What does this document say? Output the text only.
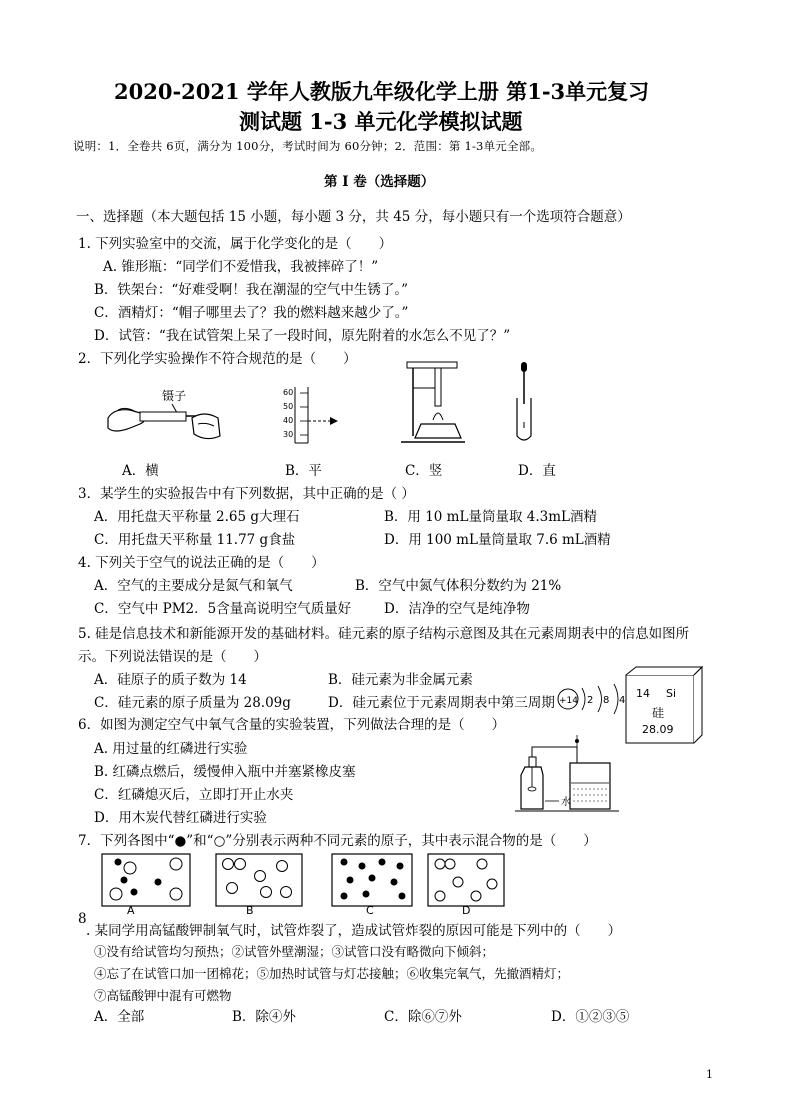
2020-2021 学年人教版九年级化学上册 第1-3单元复习
测试题 1-3 单元化学模拟试题
说明：1．全卷共 6页，满分为 100分，考试时间为 60分钟；2．范围：第 1-3单元全部。
第 I 卷（选择题）
一、选择题（本大题包括 15 小题，每小题 3 分，共 45 分，每小题只有一个选项符合题意）
1. 下列实验室中的交流，属于化学变化的是（　　）
A. 锥形瓶：“同学们不爱惜我，我被摔碎了！”
B．铁架台：“好难受啊！我在潮湿的空气中生锈了。”
C．酒精灯：“帽子哪里去了？我的燃料越来越少了。”
D．试管：“我在试管架上呆了一段时间，原先附着的水怎么不见了？”
2．下列化学实验操作不符合规范的是（　　）
镊子	60
50
40
30
A．横	B．平	C．竖	D．直
3．某学生的实验报告中有下列数据，其中正确的是（ ）
A．用托盘天平称量 2.65 g大理石	B．用 10 mL量筒量取 4.3mL酒精
C．用托盘天平称量 11.77 g食盐	D．用 100 mL量筒量取 7.6 mL酒精
4. 下列关于空气的说法正确的是（　　）
A．空气的主要成分是氮气和氧气	B．空气中氮气体积分数约为 21%
C．空气中 PM2．5含量高说明空气质量好 D．洁净的空气是纯净物
5. 硅是信息技术和新能源开发的基础材料。硅元素的原子结构示意图及其在元素周期表中的信息如图所
示。下列说法错误的是（　　）
A．硅原子的质子数为 14	B．硅元素为非金属元素
C．硅元素的原子质量为 28.09g	D．硅元素位于元素周期表中第三周期 +14 2 8 4
14 Si
硅
28.09
6．如图为测定空气中氧气含量的实验装置，下列做法合理的是（　　）
A. 用过量的红磷进行实验
B. 红磷点燃后，缓慢伸入瓶中并塞紧橡皮塞
C．红磷熄灭后，立即打开止水夹
D．用木炭代替红磷进行实验
水
7．下列各图中“●”和“○”分别表示两种不同元素的原子，其中表示混合物的是（　　）
A	B	C	D
8
. 某同学用高锰酸钾制氧气时，试管炸裂了，造成试管炸裂的原因可能是下列中的（　　）
①没有给试管均匀预热；②试管外壁潮湿；③试管口没有略微向下倾斜；
④忘了在试管口加一团棉花；⑤加热时试管与灯芯接触；⑥收集完氧气，先撤酒精灯；
⑦高锰酸钾中混有可燃物
A．全部	B．除④外	C．除⑥⑦外	D．①②③⑤
1
